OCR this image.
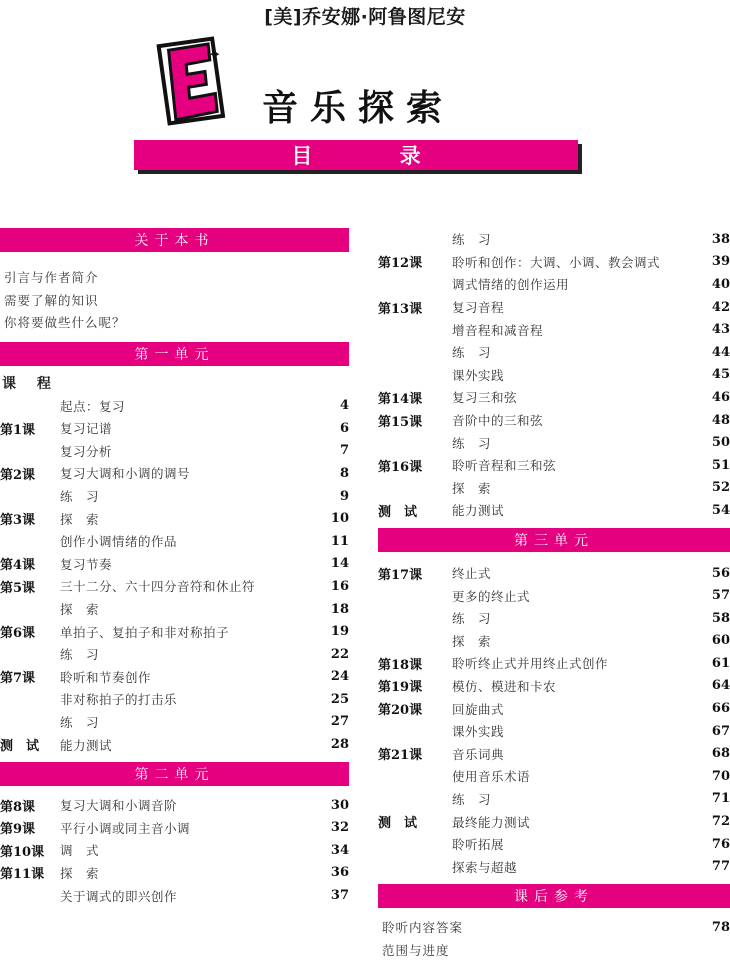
[美]乔安娜·阿鲁图尼安
✦
音乐探索
目 录
关于本书
引言与作者简介
需要了解的知识
你将要做些什么呢？
第一单元
课 程
起点：复习	4
第1课	复习记谱	6
复习分析	7
第2课	复习大调和小调的调号	8
练　习	9
第3课	探　索	10
创作小调情绪的作品	11
第4课	复习节奏	14
第5课	三十二分、六十四分音符和休止符	16
探　索	18
第6课	单拍子、复拍子和非对称拍子	19
练　习	22
第7课	聆听和节奏创作	24
非对称拍子的打击乐	25
练　习	27
测　试	能力测试	28
第二单元
第8课	复习大调和小调音阶	30
第9课	平行小调或同主音小调	32
第10课	调　式	34
第11课	探　索	36
关于调式的即兴创作	37
练　习	38
第12课	聆听和创作：大调、小调、教会调式	39
调式情绪的创作运用	40
第13课	复习音程	42
增音程和减音程	43
练　习	44
课外实践	45
第14课	复习三和弦	46
第15课	音阶中的三和弦	48
练　习	50
第16课	聆听音程和三和弦	51
探　索	52
测　试	能力测试	54
第三单元
第17课	终止式	56
更多的终止式	57
练　习	58
探　索	60
第18课	聆听终止式并用终止式创作	61
第19课	模仿、模进和卡农	64
第20课	回旋曲式	66
课外实践	67
第21课	音乐词典	68
使用音乐术语	70
练　习	71
测　试	最终能力测试	72
聆听拓展	76
探索与超越	77
课后参考
聆听内容答案	78
范围与进度
